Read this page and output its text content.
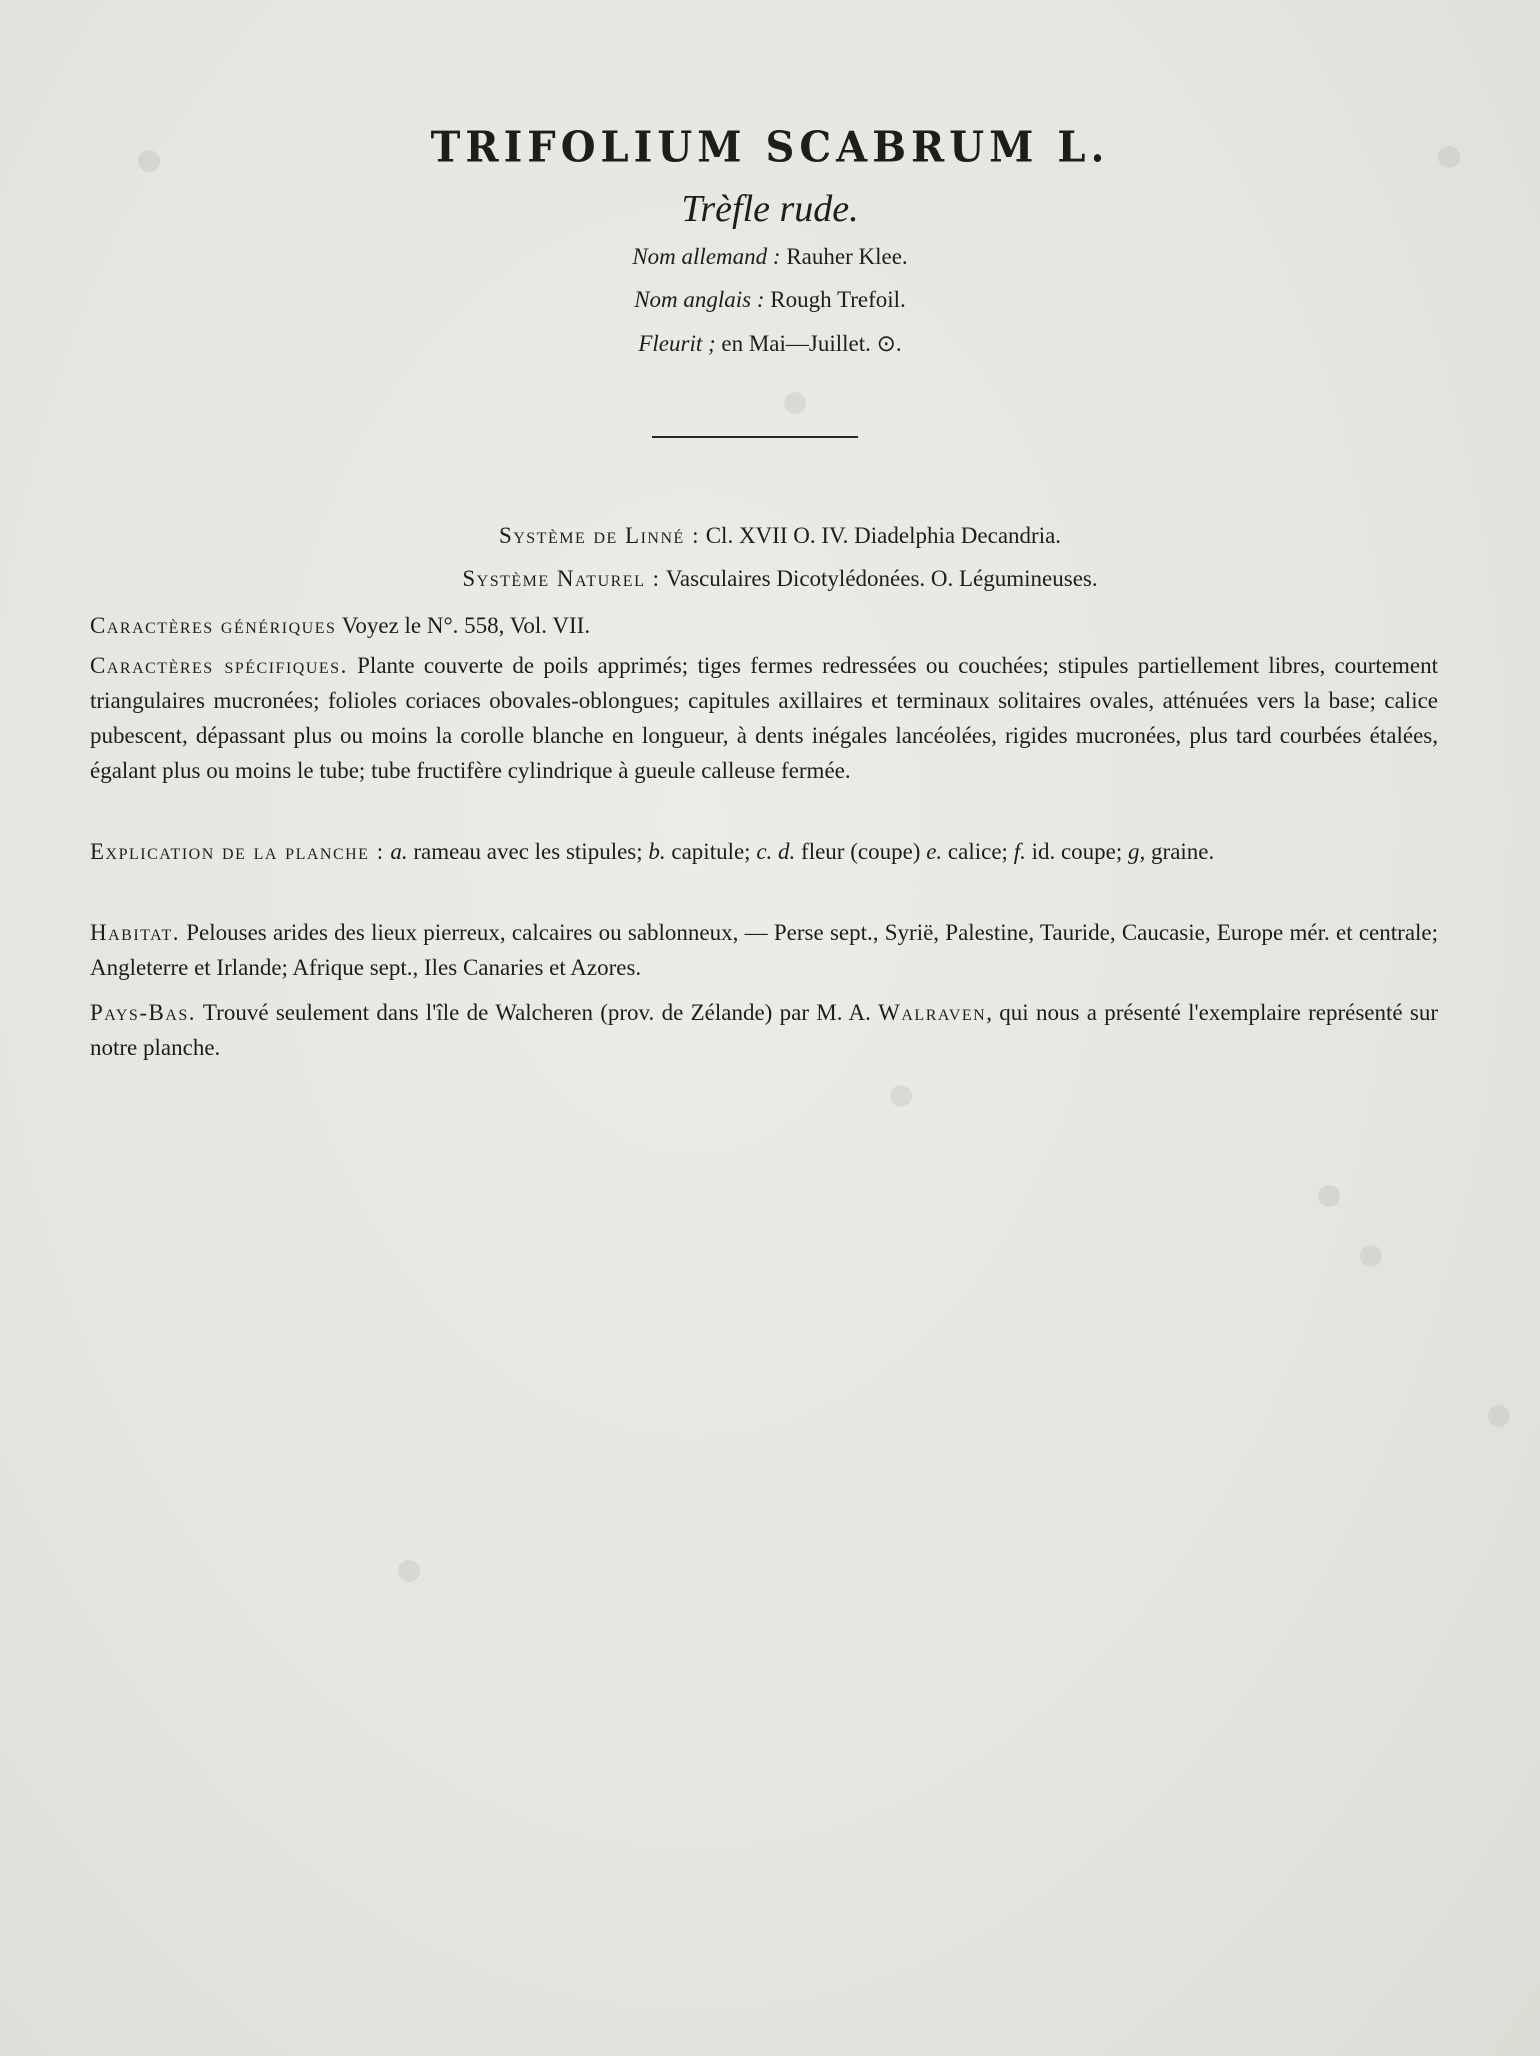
TRIFOLIUM SCABRUM L.
Trèfle rude.
Nom allemand : Rauher Klee.
Nom anglais : Rough Trefoil.
Fleurit ; en Mai—Juillet. ⊙.
Système de Linné : Cl. XVII O. IV. Diadelphia Decandria.
Système Naturel : Vasculaires Dicotylédonées. O. Légumineuses.
Caractères génériques Voyez le N°. 558, Vol. VII.
Caractères spécifiques. Plante couverte de poils apprimés; tiges fermes redressées ou couchées; stipules partiellement libres, courtement triangulaires mucronées; folioles coriaces obovales-oblongues; capitules axillaires et terminaux solitaires ovales, atténuées vers la base; calice pubescent, dépassant plus ou moins la corolle blanche en longueur, à dents inégales lancéolées, rigides mucronées, plus tard courbées étalées, égalant plus ou moins le tube; tube fructifère cylindrique à gueule calleuse fermée.
Explication de la planche : a. rameau avec les stipules; b. capitule; c. d. fleur (coupe) e. calice; f. id. coupe; g, graine.
Habitat. Pelouses arides des lieux pierreux, calcaires ou sablonneux, — Perse sept., Syrië, Palestine, Tauride, Caucasie, Europe mér. et centrale; Angleterre et Irlande; Afrique sept., Iles Canaries et Azores.
Pays-Bas. Trouvé seulement dans l'île de Walcheren (prov. de Zélande) par M. A. Walraven, qui nous a présenté l'exemplaire représenté sur notre planche.
